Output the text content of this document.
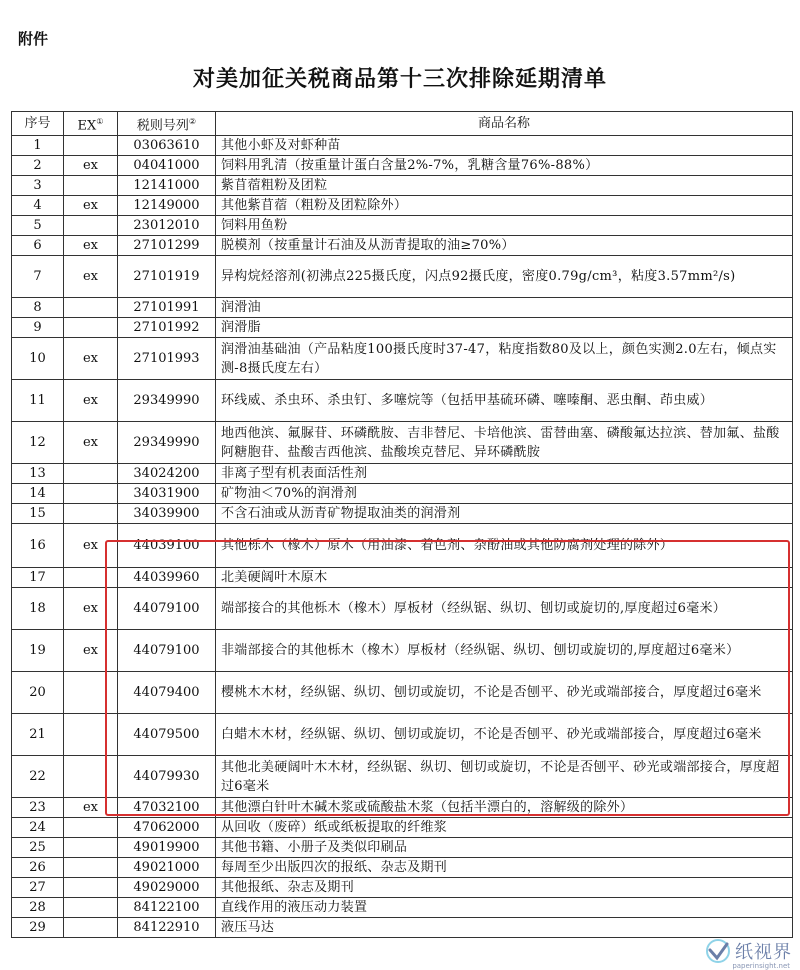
附件
对美加征关税商品第十三次排除延期清单
序号	EX①	税则号列②	商品名称
1		03063610	其他小虾及对虾种苗
2	ex	04041000	饲料用乳清（按重量计蛋白含量2%-7%，乳糖含量76%-88%）
3		12141000	紫苜蓿粗粉及团粒
4	ex	12149000	其他紫苜蓿（粗粉及团粒除外）
5		23012010	饲料用鱼粉
6	ex	27101299	脱模剂（按重量计石油及从沥青提取的油≥70%）
7	ex	27101919	异构烷烃溶剂(初沸点225摄氏度，闪点92摄氏度，密度0.79g/cm³，粘度3.57mm²/s)
8		27101991	润滑油
9		27101992	润滑脂
10	ex	27101993	润滑油基础油（产品粘度100摄氏度时37-47，粘度指数80及以上，颜色实测2.0左右，倾点实测-8摄氏度左右）
11	ex	29349990	环线威、杀虫环、杀虫钉、多噻烷等（包括甲基硫环磷、噻嗪酮、恶虫酮、茚虫威）
12	ex	29349990	地西他滨、氟脲苷、环磷酰胺、吉非替尼、卡培他滨、雷替曲塞、磷酸氟达拉滨、替加氟、盐酸阿糖胞苷、盐酸吉西他滨、盐酸埃克替尼、异环磷酰胺
13		34024200	非离子型有机表面活性剂
14		34031900	矿物油＜70%的润滑剂
15		34039900	不含石油或从沥青矿物提取油类的润滑剂
16	ex	44039100	其他栎木（橡木）原木（用油漆、着色剂、杂酚油或其他防腐剂处理的除外）
17		44039960	北美硬阔叶木原木
18	ex	44079100	端部接合的其他栎木（橡木）厚板材（经纵锯、纵切、刨切或旋切的,厚度超过6毫米）
19	ex	44079100	非端部接合的其他栎木（橡木）厚板材（经纵锯、纵切、刨切或旋切的,厚度超过6毫米）
20		44079400	樱桃木木材，经纵锯、纵切、刨切或旋切，不论是否刨平、砂光或端部接合，厚度超过6毫米
21		44079500	白蜡木木材，经纵锯、纵切、刨切或旋切，不论是否刨平、砂光或端部接合，厚度超过6毫米
22		44079930	其他北美硬阔叶木木材，经纵锯、纵切、刨切或旋切，不论是否刨平、砂光或端部接合，厚度超过6毫米
23	ex	47032100	其他漂白针叶木碱木浆或硫酸盐木浆（包括半漂白的，溶解级的除外）
24		47062000	从回收（废碎）纸或纸板提取的纤维浆
25		49019900	其他书籍、小册子及类似印刷品
26		49021000	每周至少出版四次的报纸、杂志及期刊
27		49029000	其他报纸、杂志及期刊
28		84122100	直线作用的液压动力装置
29		84122910	液压马达
纸视界
paperinsight.net
